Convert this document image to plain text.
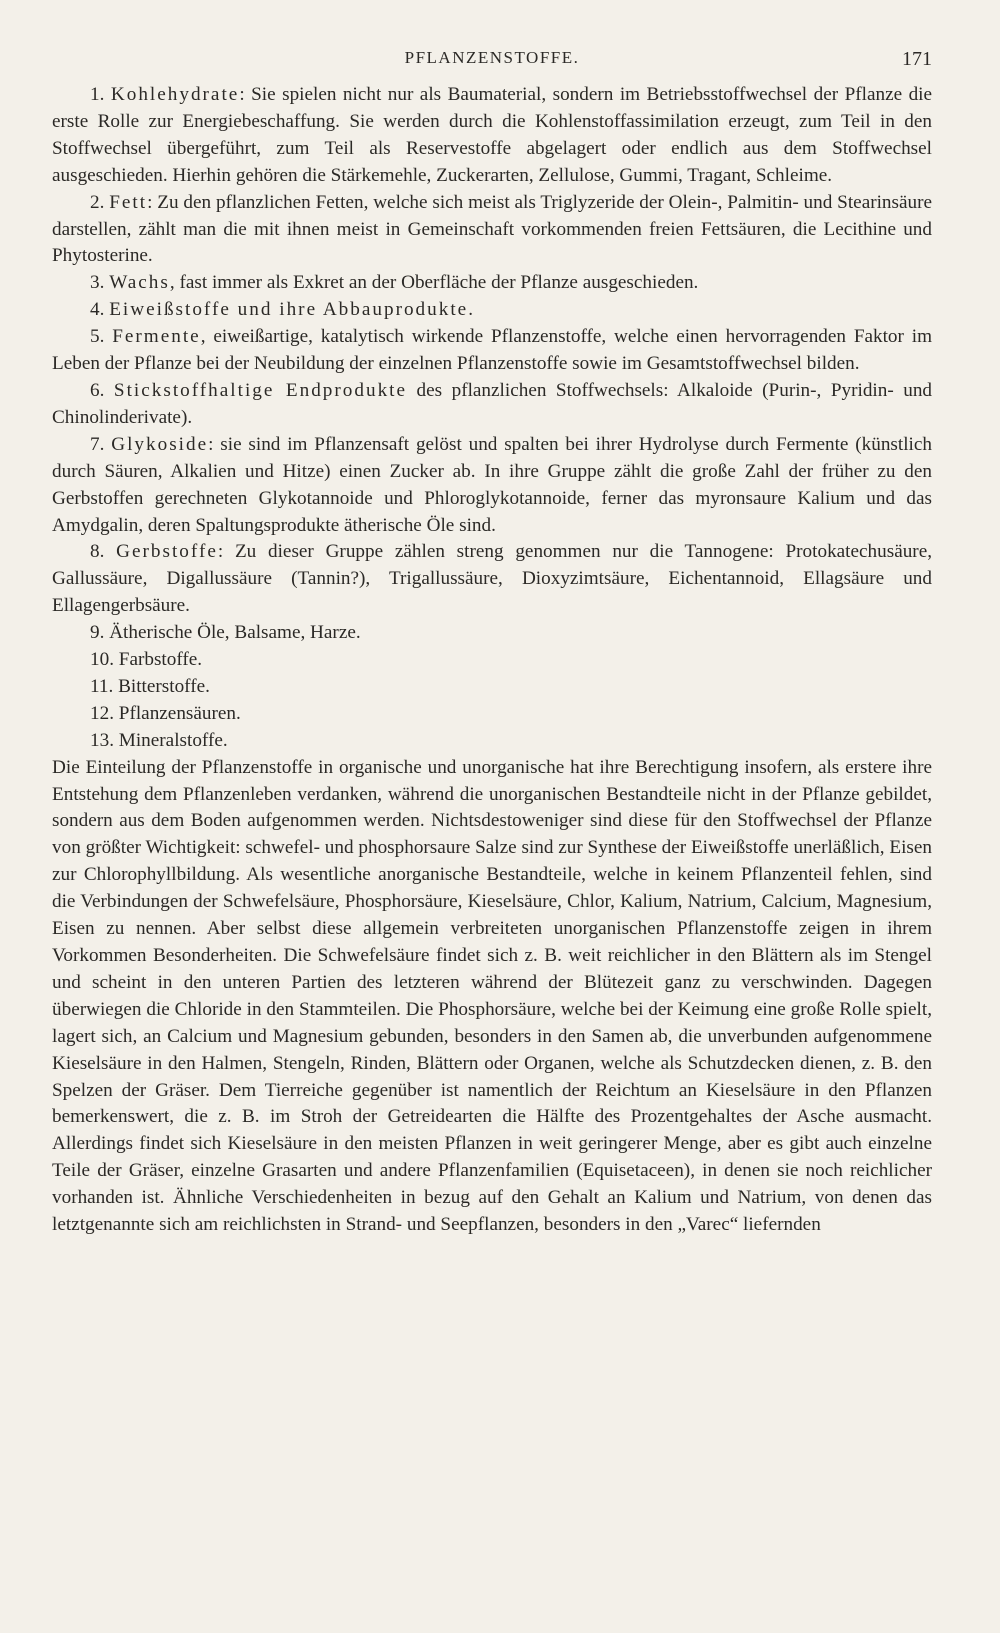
PFLANZENSTOFFE.	171

1. Kohlehydrate: Sie spielen nicht nur als Baumaterial, sondern im Betriebsstoffwechsel der Pflanze die erste Rolle zur Energiebeschaffung. Sie werden durch die Kohlenstoffassimilation erzeugt, zum Teil in den Stoffwechsel übergeführt, zum Teil als Reservestoffe abgelagert oder endlich aus dem Stoffwechsel ausgeschieden. Hierhin gehören die Stärkemehle, Zuckerarten, Zellulose, Gummi, Tragant, Schleime.

2. Fett: Zu den pflanzlichen Fetten, welche sich meist als Triglyzeride der Olein-, Palmitin- und Stearinsäure darstellen, zählt man die mit ihnen meist in Gemeinschaft vorkommenden freien Fettsäuren, die Lecithine und Phytosterine.

3. Wachs, fast immer als Exkret an der Oberfläche der Pflanze ausgeschieden.

4. Eiweißstoffe und ihre Abbauprodukte.

5. Fermente, eiweißartige, katalytisch wirkende Pflanzenstoffe, welche einen hervorragenden Faktor im Leben der Pflanze bei der Neubildung der einzelnen Pflanzenstoffe sowie im Gesamtstoffwechsel bilden.

6. Stickstoffhaltige Endprodukte des pflanzlichen Stoffwechsels: Alkaloide (Purin-, Pyridin- und Chinolinderivate).

7. Glykoside: sie sind im Pflanzensaft gelöst und spalten bei ihrer Hydrolyse durch Fermente (künstlich durch Säuren, Alkalien und Hitze) einen Zucker ab. In ihre Gruppe zählt die große Zahl der früher zu den Gerbstoffen gerechneten Glykotannoide und Phloroglykotannoide, ferner das myronsaure Kalium und das Amydgalin, deren Spaltungsprodukte ätherische Öle sind.

8. Gerbstoffe: Zu dieser Gruppe zählen streng genommen nur die Tannogene: Protokatechusäure, Gallussäure, Digallussäure (Tannin?), Trigallussäure, Dioxyzimtsäure, Eichentannoid, Ellagsäure und Ellagengerbsäure.

9. Ätherische Öle, Balsame, Harze.

10. Farbstoffe.

11. Bitterstoffe.

12. Pflanzensäuren.

13. Mineralstoffe.

Die Einteilung der Pflanzenstoffe in organische und unorganische hat ihre Berechtigung insofern, als erstere ihre Entstehung dem Pflanzenleben verdanken, während die unorganischen Bestandteile nicht in der Pflanze gebildet, sondern aus dem Boden aufgenommen werden. Nichtsdestoweniger sind diese für den Stoffwechsel der Pflanze von größter Wichtigkeit: schwefel- und phosphorsaure Salze sind zur Synthese der Eiweißstoffe unerläßlich, Eisen zur Chlorophyllbildung. Als wesentliche anorganische Bestandteile, welche in keinem Pflanzenteil fehlen, sind die Verbindungen der Schwefelsäure, Phosphorsäure, Kieselsäure, Chlor, Kalium, Natrium, Calcium, Magnesium, Eisen zu nennen. Aber selbst diese allgemein verbreiteten unorganischen Pflanzenstoffe zeigen in ihrem Vorkommen Besonderheiten. Die Schwefelsäure findet sich z. B. weit reichlicher in den Blättern als im Stengel und scheint in den unteren Partien des letzteren während der Blütezeit ganz zu verschwinden. Dagegen überwiegen die Chloride in den Stammteilen. Die Phosphorsäure, welche bei der Keimung eine große Rolle spielt, lagert sich, an Calcium und Magnesium gebunden, besonders in den Samen ab, die unverbunden aufgenommene Kieselsäure in den Halmen, Stengeln, Rinden, Blättern oder Organen, welche als Schutzdecken dienen, z. B. den Spelzen der Gräser. Dem Tierreiche gegenüber ist namentlich der Reichtum an Kieselsäure in den Pflanzen bemerkenswert, die z. B. im Stroh der Getreidearten die Hälfte des Prozentgehaltes der Asche ausmacht. Allerdings findet sich Kieselsäure in den meisten Pflanzen in weit geringerer Menge, aber es gibt auch einzelne Teile der Gräser, einzelne Grasarten und andere Pflanzenfamilien (Equisetaceen), in denen sie noch reichlicher vorhanden ist. Ähnliche Verschiedenheiten in bezug auf den Gehalt an Kalium und Natrium, von denen das letztgenannte sich am reichlichsten in Strand- und Seepflanzen, besonders in den „Varec“ liefernden
